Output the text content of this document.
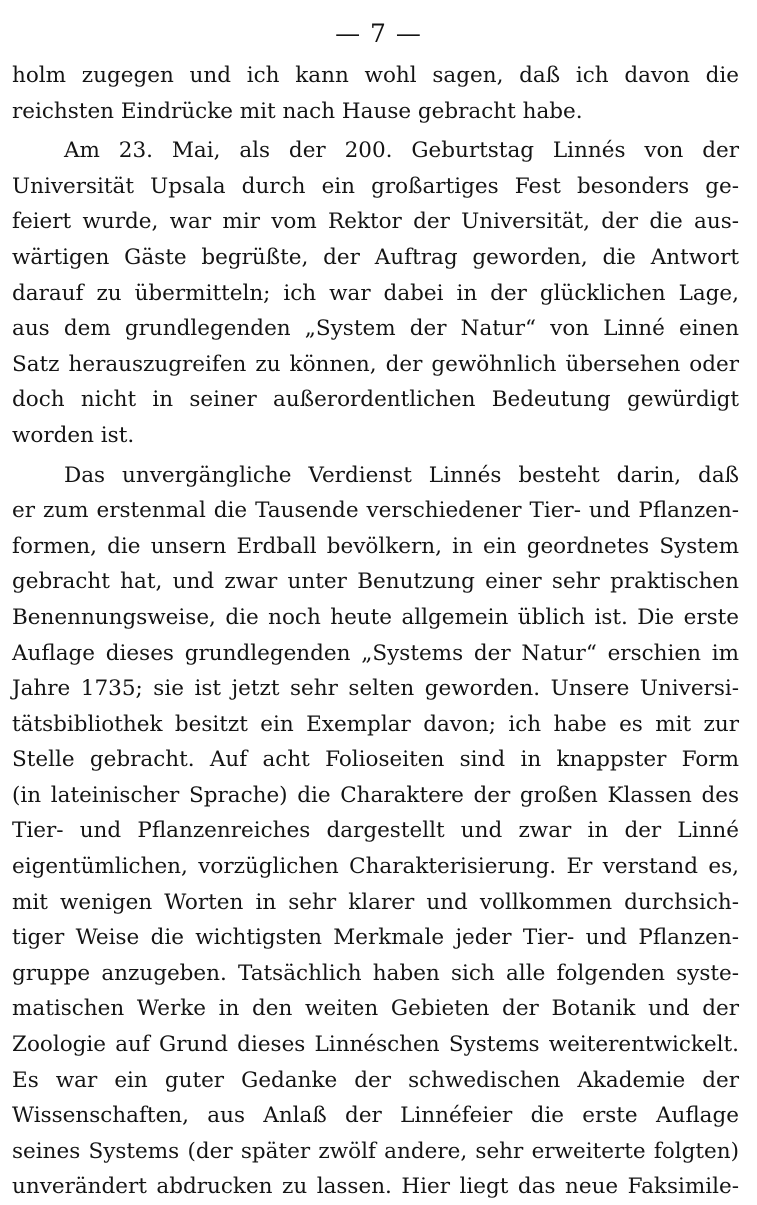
— 7 —

holm zugegen und ich kann wohl sagen, daß ich davon die
reichsten Eindrücke mit nach Hause gebracht habe.

Am 23. Mai, als der 200. Geburtstag Linnés von der
Universität Upsala durch ein großartiges Fest besonders ge-
feiert wurde, war mir vom Rektor der Universität, der die aus-
wärtigen Gäste begrüßte, der Auftrag geworden, die Antwort
darauf zu übermitteln; ich war dabei in der glücklichen Lage,
aus dem grundlegenden „System der Natur“ von Linné einen
Satz herauszugreifen zu können, der gewöhnlich übersehen oder
doch nicht in seiner außerordentlichen Bedeutung gewürdigt
worden ist.

Das unvergängliche Verdienst Linnés besteht darin, daß
er zum erstenmal die Tausende verschiedener Tier- und Pflanzen-
formen, die unsern Erdball bevölkern, in ein geordnetes System
gebracht hat, und zwar unter Benutzung einer sehr praktischen
Benennungsweise, die noch heute allgemein üblich ist. Die erste
Auflage dieses grundlegenden „Systems der Natur“ erschien im
Jahre 1735; sie ist jetzt sehr selten geworden. Unsere Universi-
tätsbibliothek besitzt ein Exemplar davon; ich habe es mit zur
Stelle gebracht. Auf acht Folioseiten sind in knappster Form
(in lateinischer Sprache) die Charaktere der großen Klassen des
Tier- und Pflanzenreiches dargestellt und zwar in der Linné
eigentümlichen, vorzüglichen Charakterisierung. Er verstand es,
mit wenigen Worten in sehr klarer und vollkommen durchsich-
tiger Weise die wichtigsten Merkmale jeder Tier- und Pflanzen-
gruppe anzugeben. Tatsächlich haben sich alle folgenden syste-
matischen Werke in den weiten Gebieten der Botanik und der
Zoologie auf Grund dieses Linnéschen Systems weiterentwickelt.
Es war ein guter Gedanke der schwedischen Akademie der
Wissenschaften, aus Anlaß der Linnéfeier die erste Auflage
seines Systems (der später zwölf andere, sehr erweiterte folgten)
unverändert abdrucken zu lassen. Hier liegt das neue Faksimile-
